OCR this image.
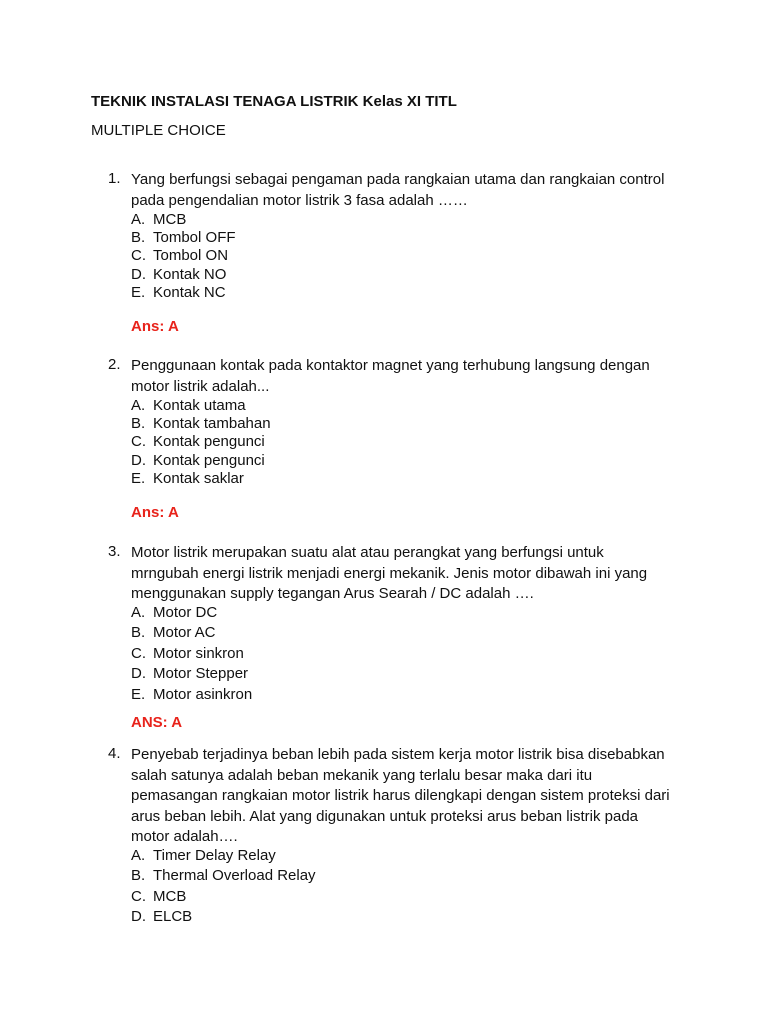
TEKNIK INSTALASI TENAGA LISTRIK Kelas XI TITL
MULTIPLE CHOICE
1. Yang berfungsi sebagai pengaman pada rangkaian utama dan rangkaian control pada pengendalian motor listrik 3 fasa adalah ……
A. MCB
B. Tombol OFF
C. Tombol ON
D. Kontak NO
E. Kontak NC
Ans: A
2. Penggunaan kontak pada kontaktor magnet yang terhubung langsung dengan motor listrik adalah...
A. Kontak utama
B. Kontak tambahan
C. Kontak pengunci
D. Kontak pengunci
E. Kontak saklar
Ans: A
3. Motor listrik merupakan suatu alat atau perangkat yang berfungsi untuk mrngubah energi listrik menjadi energi mekanik. Jenis motor dibawah ini yang menggunakan supply tegangan Arus Searah / DC adalah ….
A. Motor DC
B. Motor AC
C. Motor sinkron
D. Motor Stepper
E. Motor asinkron
ANS: A
4. Penyebab terjadinya beban lebih pada sistem kerja motor listrik bisa disebabkan salah satunya adalah beban mekanik yang terlalu besar maka dari itu pemasangan rangkaian motor listrik harus dilengkapi dengan sistem proteksi dari arus beban lebih. Alat yang digunakan untuk proteksi arus beban listrik pada motor adalah….
A. Timer Delay Relay
B. Thermal Overload Relay
C. MCB
D. ELCB
